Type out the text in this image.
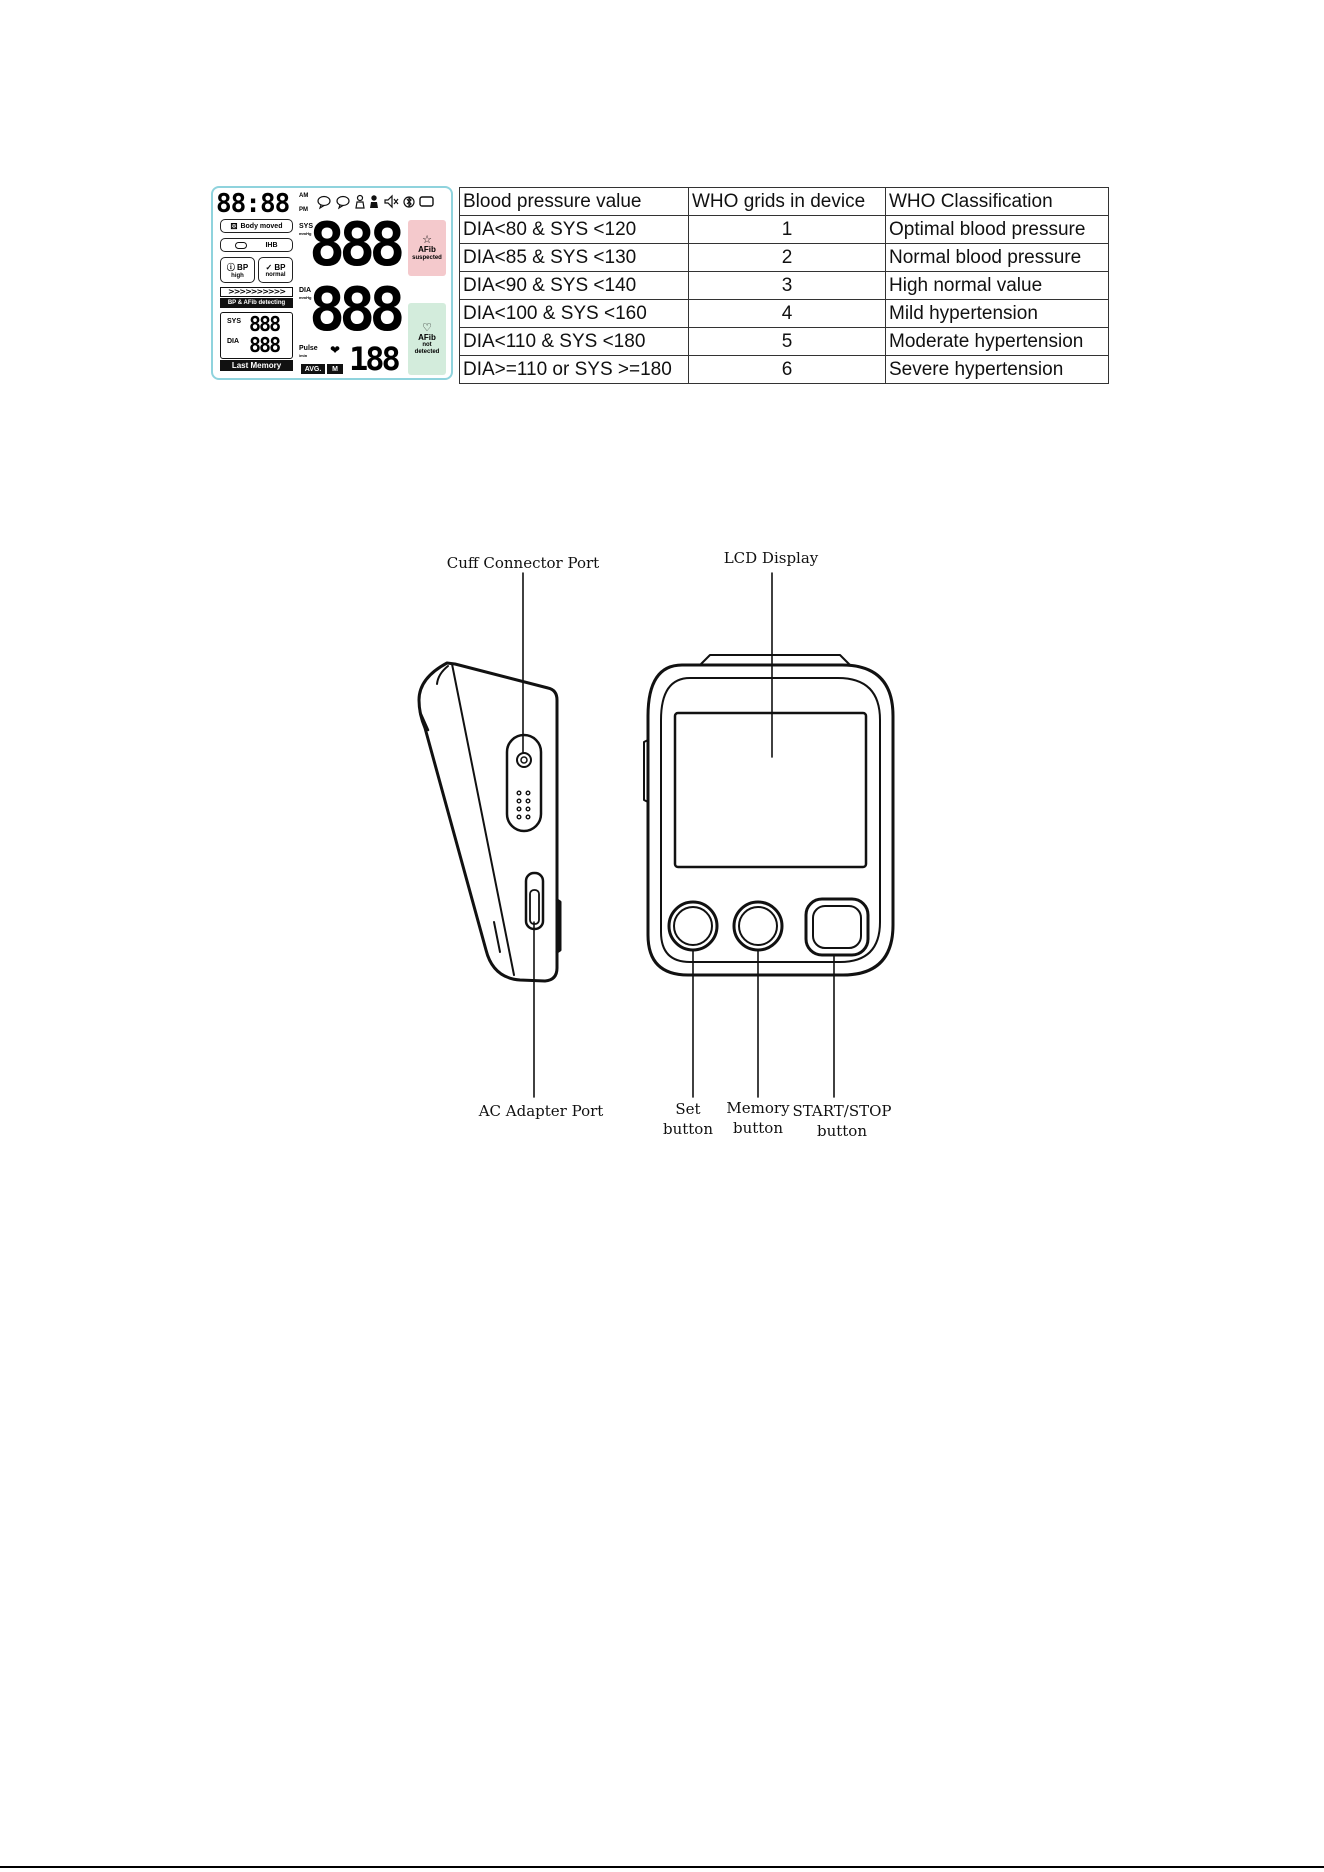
88:88 AM
PM
⚄ Body moved
IHB
ⓘ BP
high
✓ BP
normal
>>>>>>>>>>
BP & AFib detecting
SYS
DIA
888
888
Last Memory
SYS
mmHg
888
DIA
mmHg
888
Pulse
/min ❤ 188
AVG.	M
☆
AFib
suspected
♡
AFib
not
detected
Blood pressure value	WHO grids in device	WHO Classification
DIA<80 & SYS <120	1	Optimal blood pressure
DIA<85 & SYS <130	2	Normal blood pressure
DIA<90 & SYS <140	3	High normal value
DIA<100 & SYS <160	4	Mild hypertension
DIA<110 & SYS <180	5	Moderate hypertension
DIA>=110 or SYS >=180	6	Severe hypertension
Cuff Connector Port	LCD Display
AC Adapter Port	Set
button
Memory
button
START/STOP
button
